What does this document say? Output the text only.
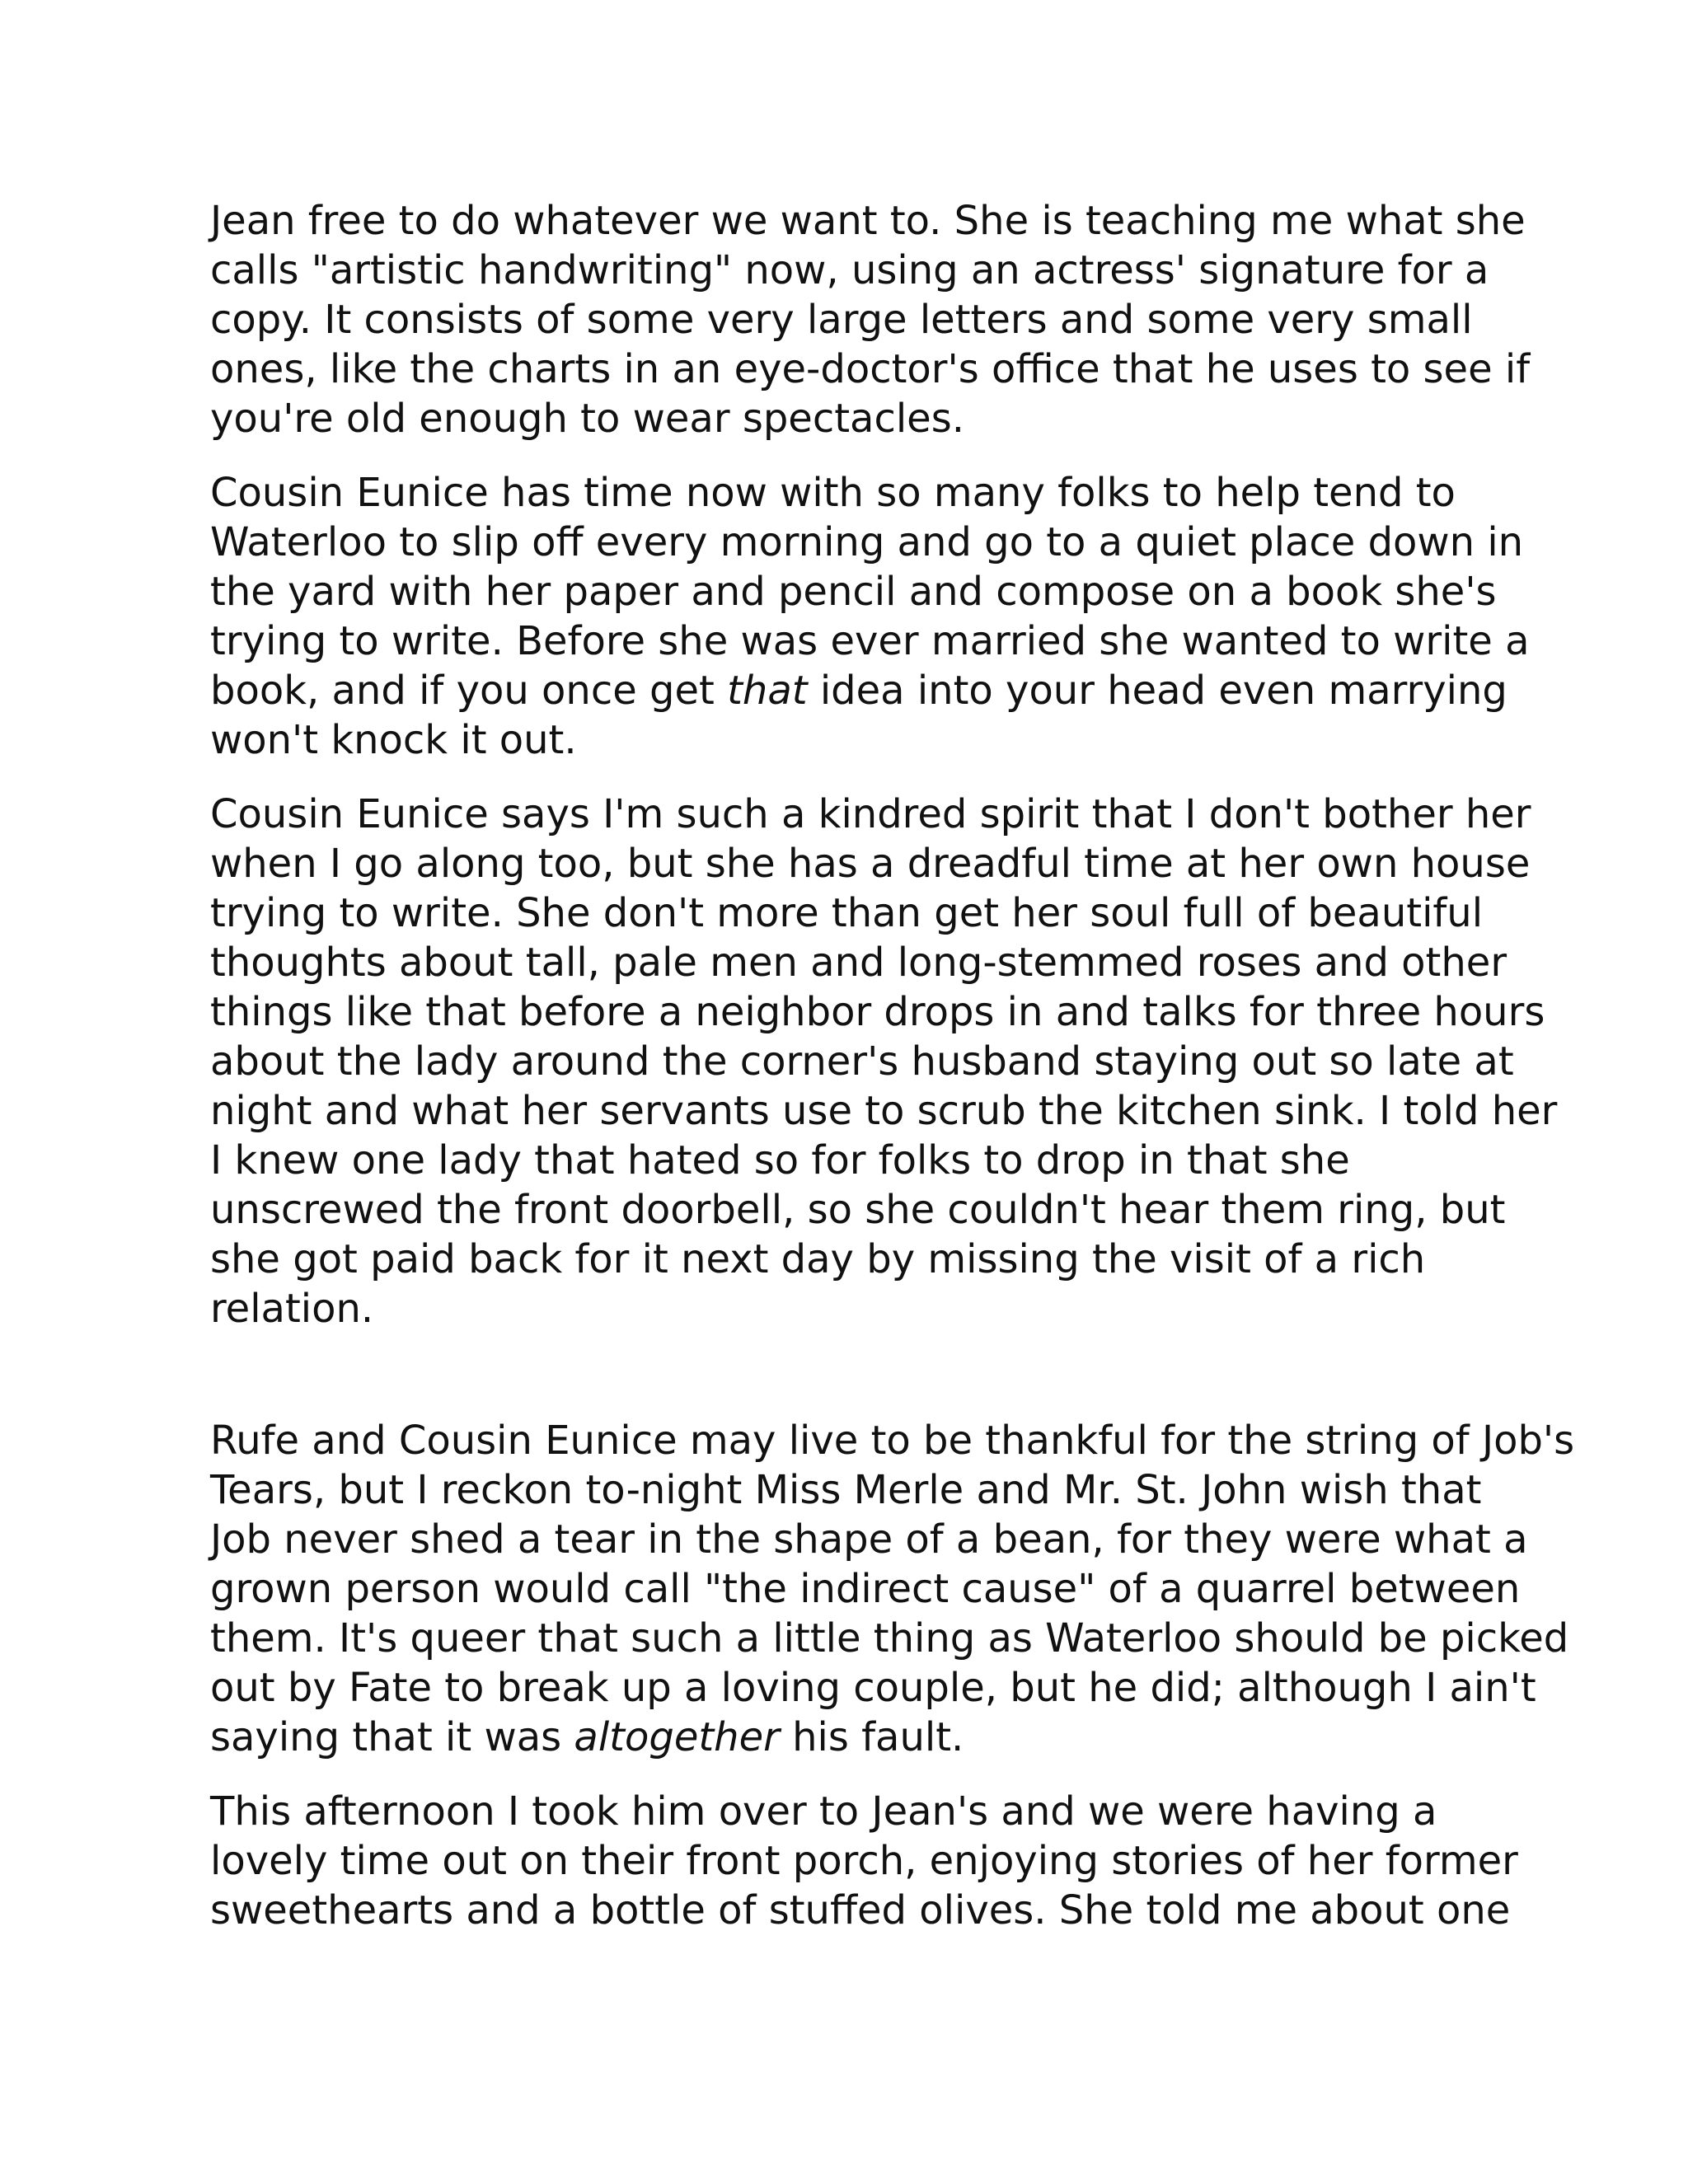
Jean free to do whatever we want to. She is teaching me what she
calls "artistic handwriting" now, using an actress' signature for a
copy. It consists of some very large letters and some very small
ones, like the charts in an eye-doctor's office that he uses to see if
you're old enough to wear spectacles.
Cousin Eunice has time now with so many folks to help tend to
Waterloo to slip off every morning and go to a quiet place down in
the yard with her paper and pencil and compose on a book she's
trying to write. Before she was ever married she wanted to write a
book, and if you once get that idea into your head even marrying
won't knock it out.
Cousin Eunice says I'm such a kindred spirit that I don't bother her
when I go along too, but she has a dreadful time at her own house
trying to write. She don't more than get her soul full of beautiful
thoughts about tall, pale men and long-stemmed roses and other
things like that before a neighbor drops in and talks for three hours
about the lady around the corner's husband staying out so late at
night and what her servants use to scrub the kitchen sink. I told her
I knew one lady that hated so for folks to drop in that she
unscrewed the front doorbell, so she couldn't hear them ring, but
she got paid back for it next day by missing the visit of a rich
relation.
Rufe and Cousin Eunice may live to be thankful for the string of Job's
Tears, but I reckon to-night Miss Merle and Mr. St. John wish that
Job never shed a tear in the shape of a bean, for they were what a
grown person would call "the indirect cause" of a quarrel between
them. It's queer that such a little thing as Waterloo should be picked
out by Fate to break up a loving couple, but he did; although I ain't
saying that it was altogether his fault.
This afternoon I took him over to Jean's and we were having a
lovely time out on their front porch, enjoying stories of her former
sweethearts and a bottle of stuffed olives. She told me about one
